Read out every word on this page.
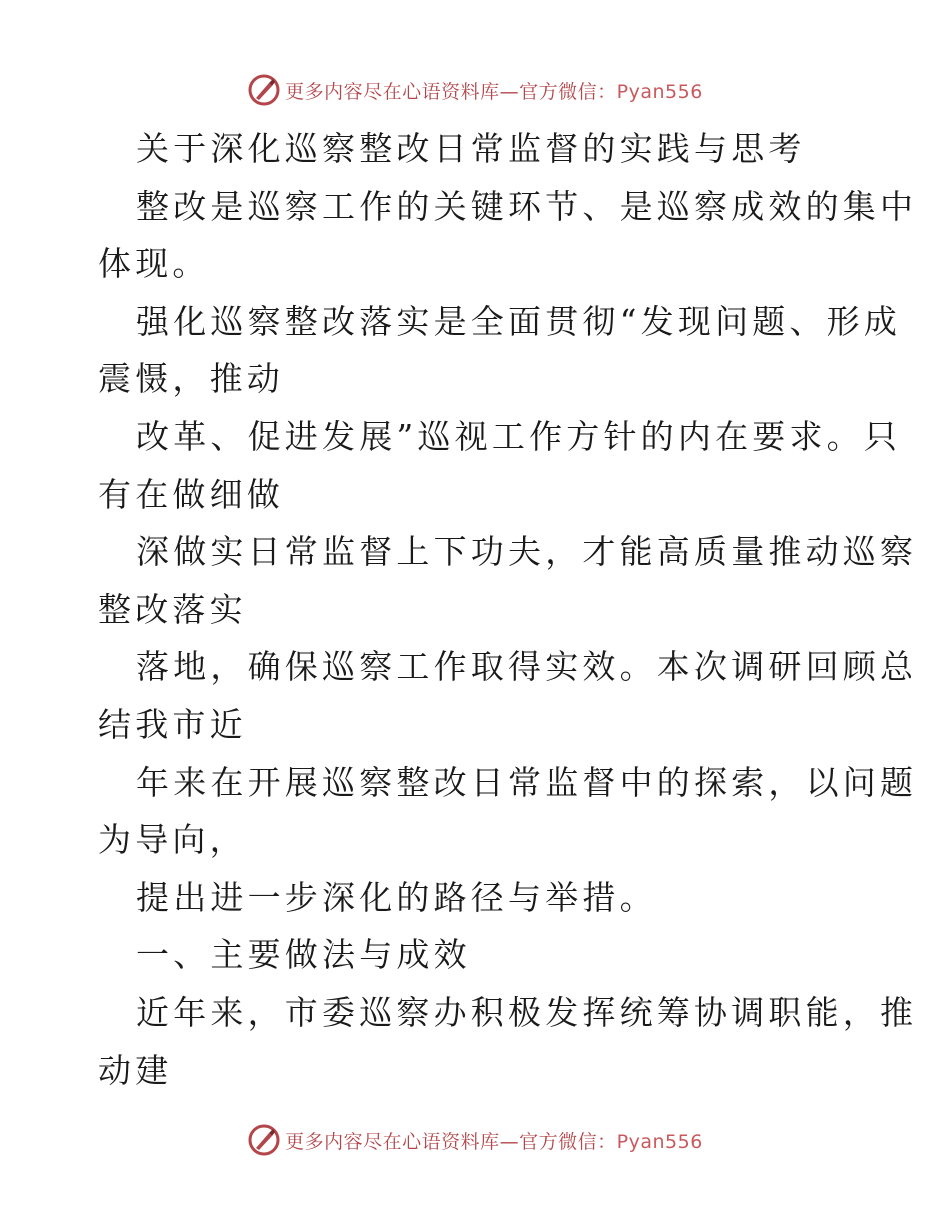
更多内容尽在心语资料库—官方微信：Pyan556

关于深化巡察整改日常监督的实践与思考

整改是巡察工作的关键环节、是巡察成效的集中

体现。

强化巡察整改落实是全面贯彻“发现问题、形成

震慑，推动

改革、促进发展”巡视工作方针的内在要求。只

有在做细做

深做实日常监督上下功夫，才能高质量推动巡察

整改落实

落地，确保巡察工作取得实效。本次调研回顾总

结我市近

年来在开展巡察整改日常监督中的探索，以问题

为导向，

提出进一步深化的路径与举措。

一、主要做法与成效

近年来，市委巡察办积极发挥统筹协调职能，推

动建

更多内容尽在心语资料库—官方微信：Pyan556
